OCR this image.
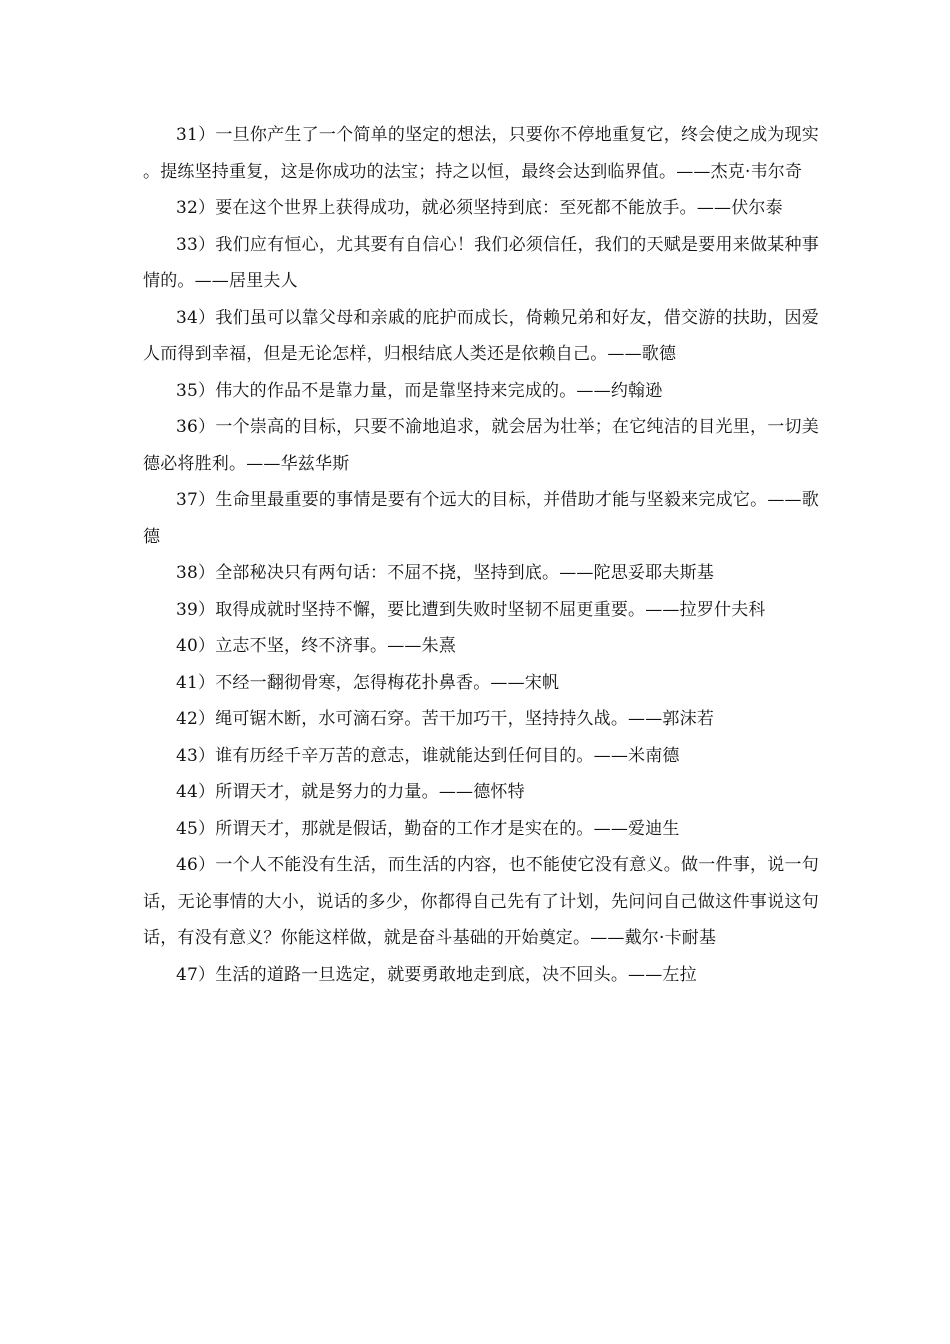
31）一旦你产生了一个简单的坚定的想法，只要你不停地重复它，终会使之成为现实。提练坚持重复，这是你成功的法宝；持之以恒，最终会达到临界值。——杰克·韦尔奇

32）要在这个世界上获得成功，就必须坚持到底：至死都不能放手。——伏尔泰

33）我们应有恒心，尤其要有自信心！我们必须信任，我们的天赋是要用来做某种事情的。——居里夫人

34）我们虽可以靠父母和亲戚的庇护而成长，倚赖兄弟和好友，借交游的扶助，因爱人而得到幸福，但是无论怎样，归根结底人类还是依赖自己。——歌德

35）伟大的作品不是靠力量，而是靠坚持来完成的。——约翰逊

36）一个崇高的目标，只要不渝地追求，就会居为壮举；在它纯洁的目光里，一切美德必将胜利。——华兹华斯

37）生命里最重要的事情是要有个远大的目标，并借助才能与坚毅来完成它。——歌德

38）全部秘决只有两句话：不屈不挠，坚持到底。——陀思妥耶夫斯基

39）取得成就时坚持不懈，要比遭到失败时坚韧不屈更重要。——拉罗什夫科

40）立志不坚，终不济事。——朱熹

41）不经一翻彻骨寒，怎得梅花扑鼻香。——宋帆

42）绳可锯木断，水可滴石穿。苦干加巧干，坚持持久战。——郭沫若

43）谁有历经千辛万苦的意志，谁就能达到任何目的。——米南德

44）所谓天才，就是努力的力量。——德怀特

45）所谓天才，那就是假话，勤奋的工作才是实在的。——爱迪生

46）一个人不能没有生活，而生活的内容，也不能使它没有意义。做一件事，说一句话，无论事情的大小，说话的多少，你都得自己先有了计划，先问问自己做这件事说这句话，有没有意义？你能这样做，就是奋斗基础的开始奠定。——戴尔·卡耐基

47）生活的道路一旦选定，就要勇敢地走到底，决不回头。——左拉
